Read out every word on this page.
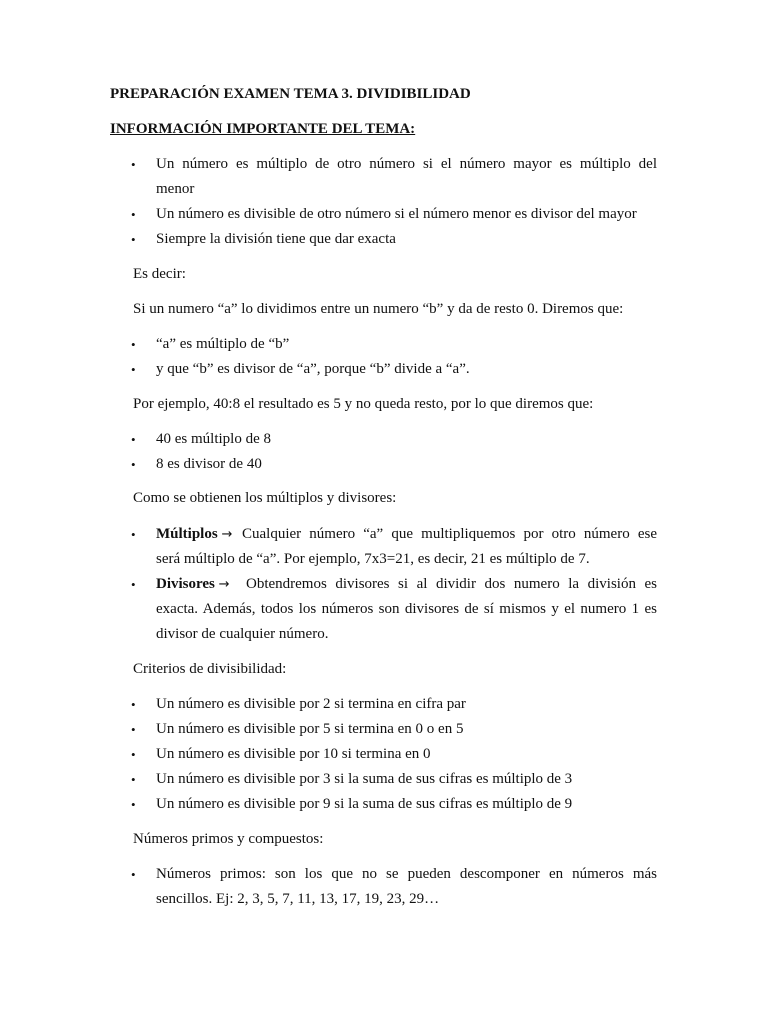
PREPARACIÓN EXAMEN TEMA 3. DIVIDIBILIDAD
INFORMACIÓN IMPORTANTE DEL TEMA:
• Un número es múltiplo de otro número si el número mayor es múltiplo del
menor
• Un número es divisible de otro número si el número menor es divisor del mayor
• Siempre la división tiene que dar exacta
Es decir:
Si un numero “a” lo dividimos entre un numero “b” y da de resto 0. Diremos que:
• “a” es múltiplo de “b”
• y que “b” es divisor de “a”, porque “b” divide a “a”.
Por ejemplo, 40:8 el resultado es 5 y no queda resto, por lo que diremos que:
• 40 es múltiplo de 8
• 8 es divisor de 40
Como se obtienen los múltiplos y divisores:
• Múltiplos → Cualquier número “a” que multipliquemos por otro número ese
será múltiplo de “a”. Por ejemplo, 7x3=21, es decir, 21 es múltiplo de 7.
• Divisores → Obtendremos divisores si al dividir dos numero la división es
exacta. Además, todos los números son divisores de sí mismos y el numero 1 es
divisor de cualquier número.
Criterios de divisibilidad:
• Un número es divisible por 2 si termina en cifra par
• Un número es divisible por 5 si termina en 0 o en 5
• Un número es divisible por 10 si termina en 0
• Un número es divisible por 3 si la suma de sus cifras es múltiplo de 3
• Un número es divisible por 9 si la suma de sus cifras es múltiplo de 9
Números primos y compuestos:
• Números primos: son los que no se pueden descomponer en números más
sencillos. Ej: 2, 3, 5, 7, 11, 13, 17, 19, 23, 29…
